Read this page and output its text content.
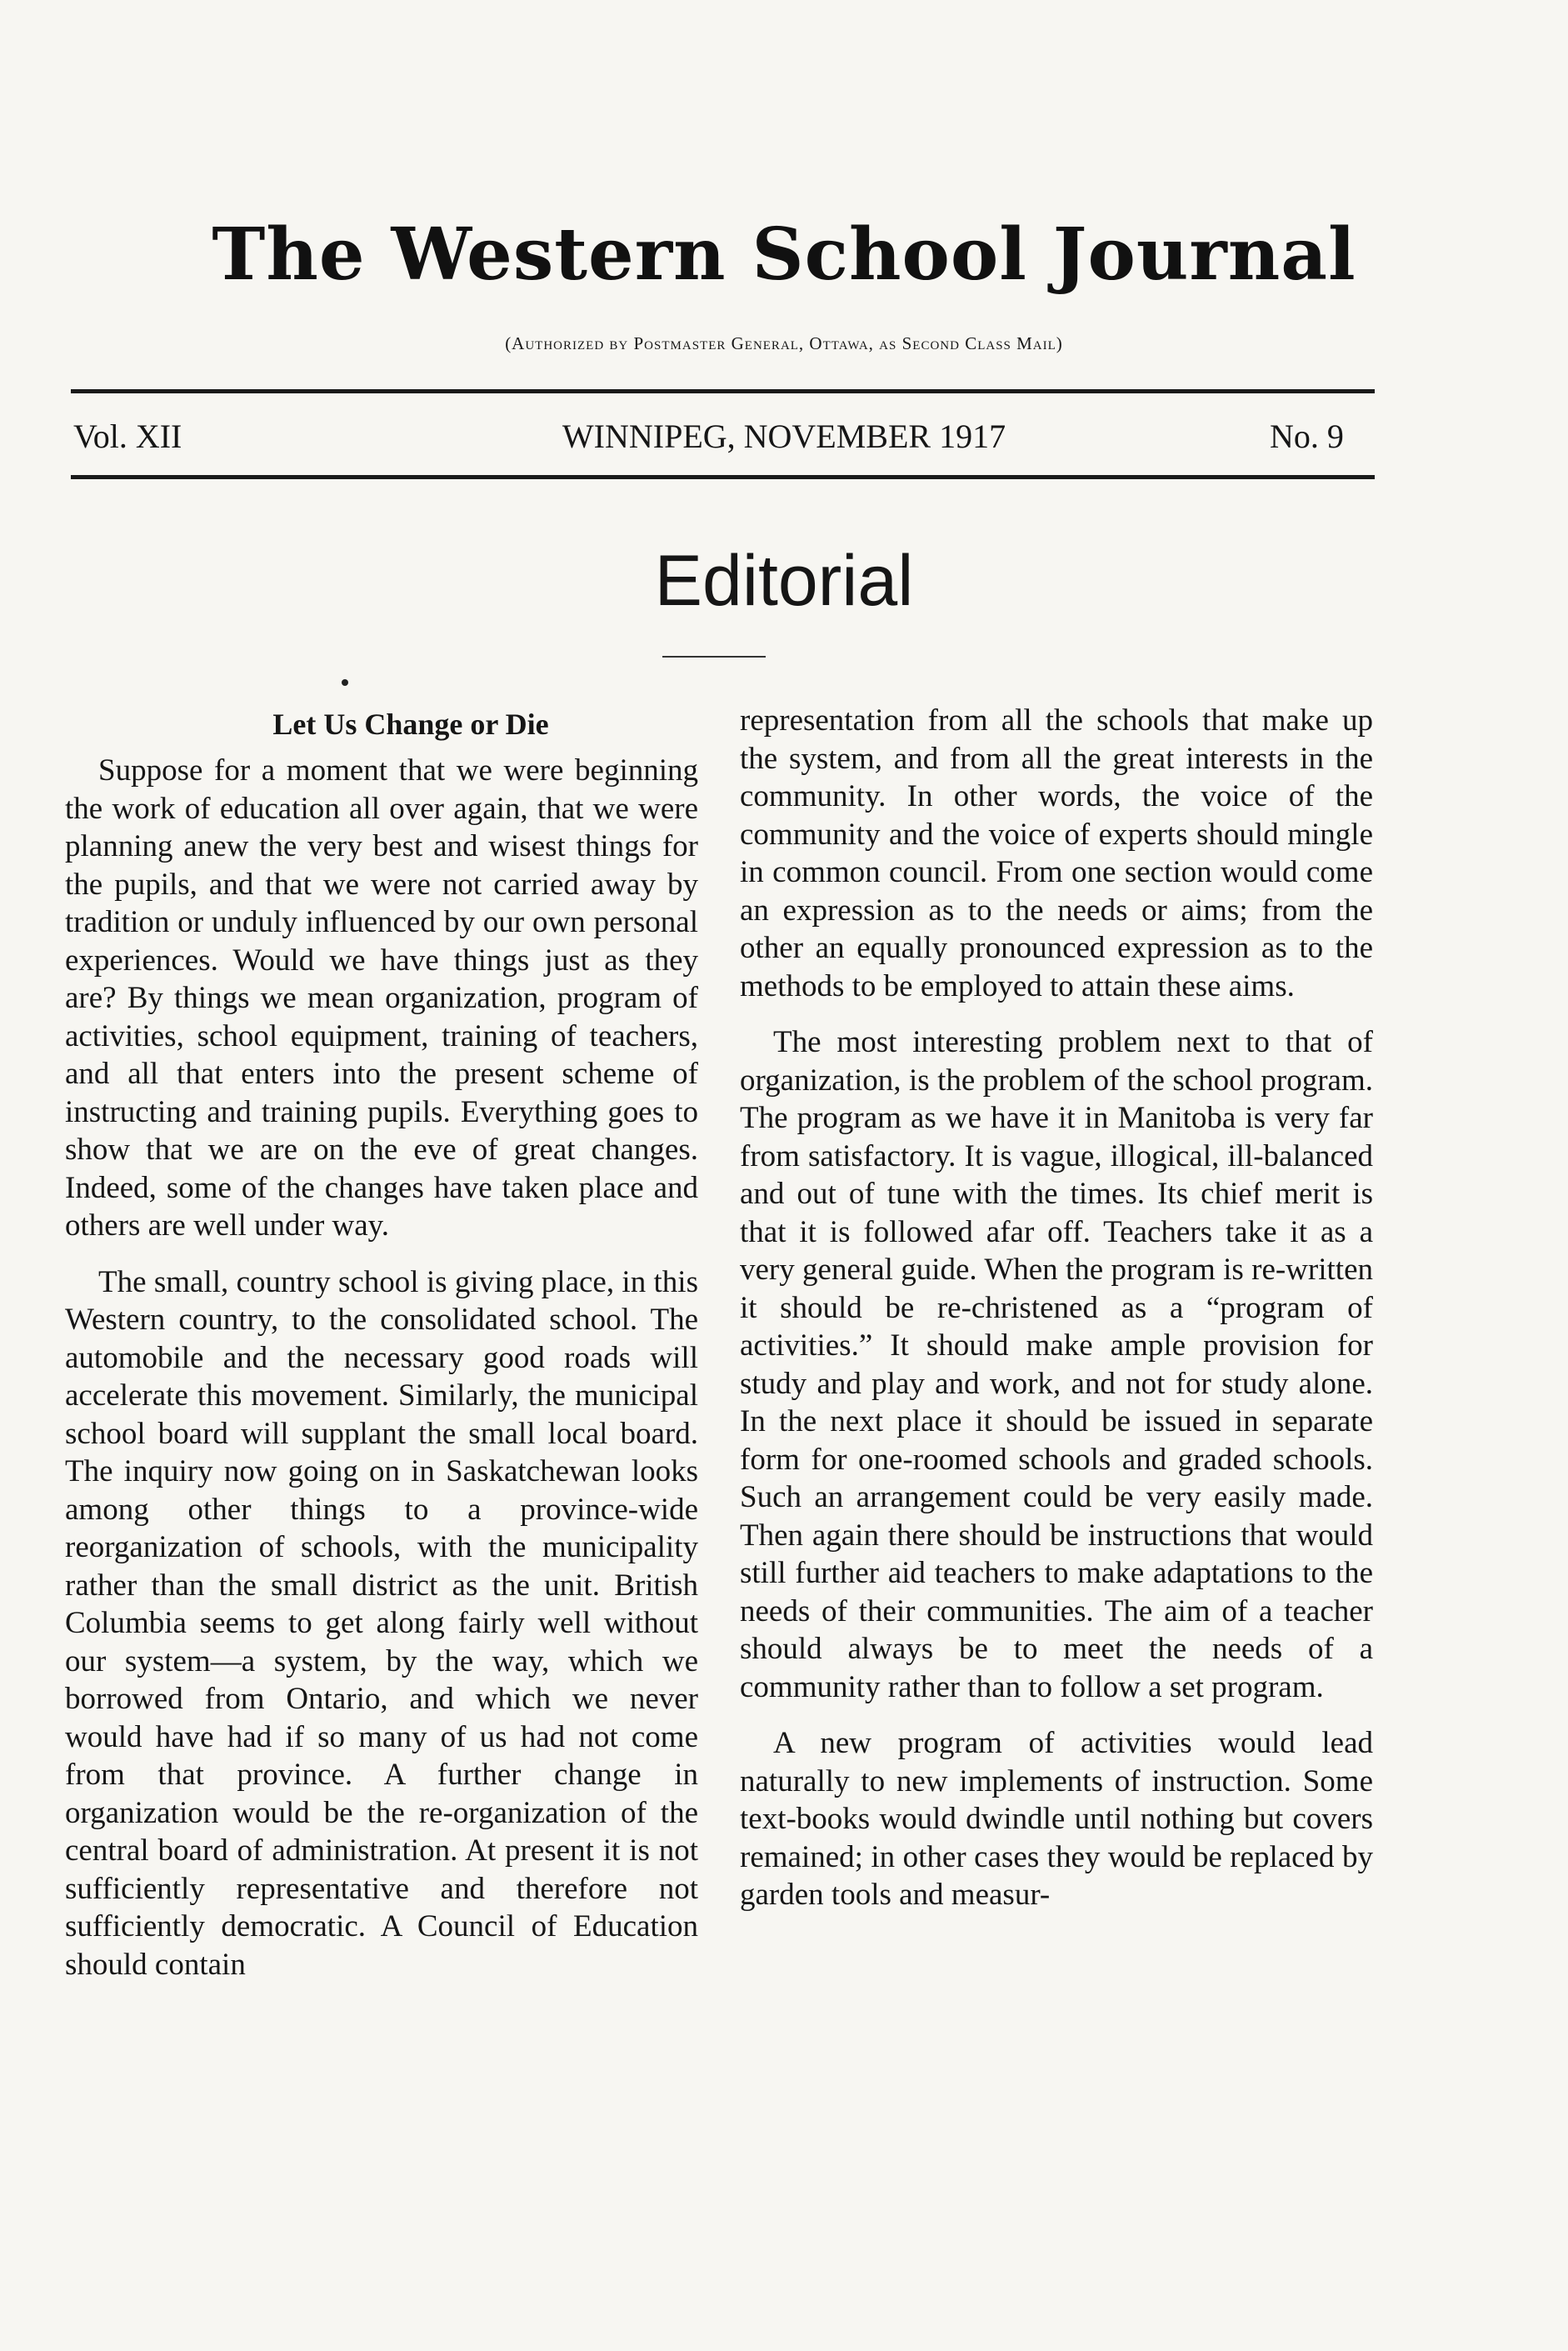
The Western School Journal
(Authorized by Postmaster General, Ottawa, as Second Class Mail)
Vol. XII	WINNIPEG, NOVEMBER 1917	No. 9
Editorial
Let Us Change or Die

Suppose for a moment that we were beginning the work of education all over again, that we were planning anew the very best and wisest things for the pupils, and that we were not carried away by tradition or unduly influenced by our own personal experiences. Would we have things just as they are? By things we mean organization, program of activities, school equipment, training of teachers, and all that enters into the present scheme of instructing and training pupils. Everything goes to show that we are on the eve of great changes. Indeed, some of the changes have taken place and others are well under way.

The small, country school is giving place, in this Western country, to the consolidated school. The automobile and the necessary good roads will accelerate this movement. Similarly, the municipal school board will supplant the small local board. The inquiry now going on in Saskatchewan looks among other things to a province-wide reorganization of schools, with the municipality rather than the small district as the unit. British Columbia seems to get along fairly well without our system—a system, by the way, which we borrowed from Ontario, and which we never would have had if so many of us had not come from that province. A further change in organization would be the re-organization of the central board of administration. At present it is not sufficiently representative and therefore not sufficiently democratic. A Council of Education should contain

representation from all the schools that make up the system, and from all the great interests in the community. In other words, the voice of the community and the voice of experts should mingle in common council. From one section would come an expression as to the needs or aims; from the other an equally pronounced expression as to the methods to be employed to attain these aims.

The most interesting problem next to that of organization, is the problem of the school program. The program as we have it in Manitoba is very far from satisfactory. It is vague, illogical, ill-balanced and out of tune with the times. Its chief merit is that it is followed afar off. Teachers take it as a very general guide. When the program is re-written it should be re-christened as a “program of activities.” It should make ample provision for study and play and work, and not for study alone. In the next place it should be issued in separate form for one-roomed schools and graded schools. Such an arrangement could be very easily made. Then again there should be instructions that would still further aid teachers to make adaptations to the needs of their communities. The aim of a teacher should always be to meet the needs of a community rather than to follow a set program.

A new program of activities would lead naturally to new implements of instruction. Some text-books would dwindle until nothing but covers remained; in other cases they would be replaced by garden tools and measur-
